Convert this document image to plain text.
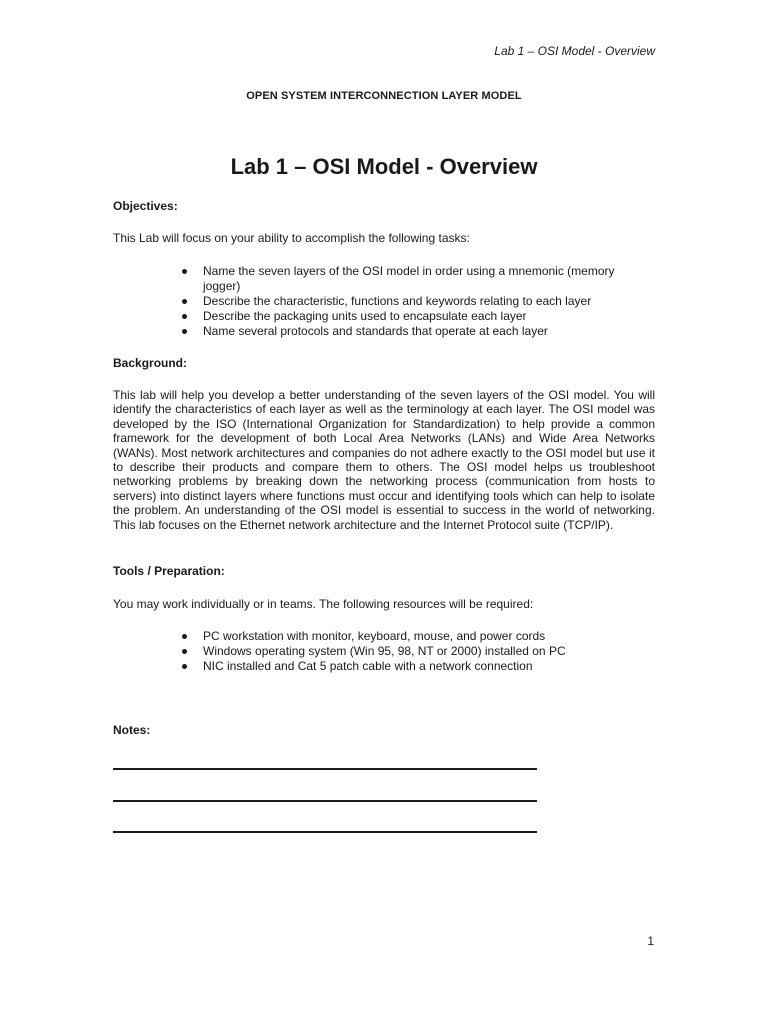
Lab 1 – OSI Model - Overview
OPEN SYSTEM INTERCONNECTION LAYER MODEL
Lab 1 – OSI Model - Overview
Objectives:
This Lab will focus on your ability to accomplish the following tasks:
Name the seven layers of the OSI model in order using a mnemonic (memory jogger)
Describe the characteristic, functions and keywords relating to each layer
Describe the packaging units used to encapsulate each layer
Name several protocols and standards that operate at each layer
Background:
This lab will help you develop a better understanding of the seven layers of the OSI model. You will identify the characteristics of each layer as well as the terminology at each layer. The OSI model was developed by the ISO (International Organization for Standardization) to help provide a common framework for the development of both Local Area Networks (LANs) and Wide Area Networks (WANs). Most network architectures and companies do not adhere exactly to the OSI model but use it to describe their products and compare them to others. The OSI model helps us troubleshoot networking problems by breaking down the networking process (communication from hosts to servers) into distinct layers where functions must occur and identifying tools which can help to isolate the problem. An understanding of the OSI model is essential to success in the world of networking. This lab focuses on the Ethernet network architecture and the Internet Protocol suite (TCP/IP).
Tools / Preparation:
You may work individually or in teams. The following resources will be required:
PC workstation with monitor, keyboard, mouse, and power cords
Windows operating system (Win 95, 98, NT or 2000) installed on PC
NIC installed and Cat 5 patch cable with a network connection
Notes:
1
